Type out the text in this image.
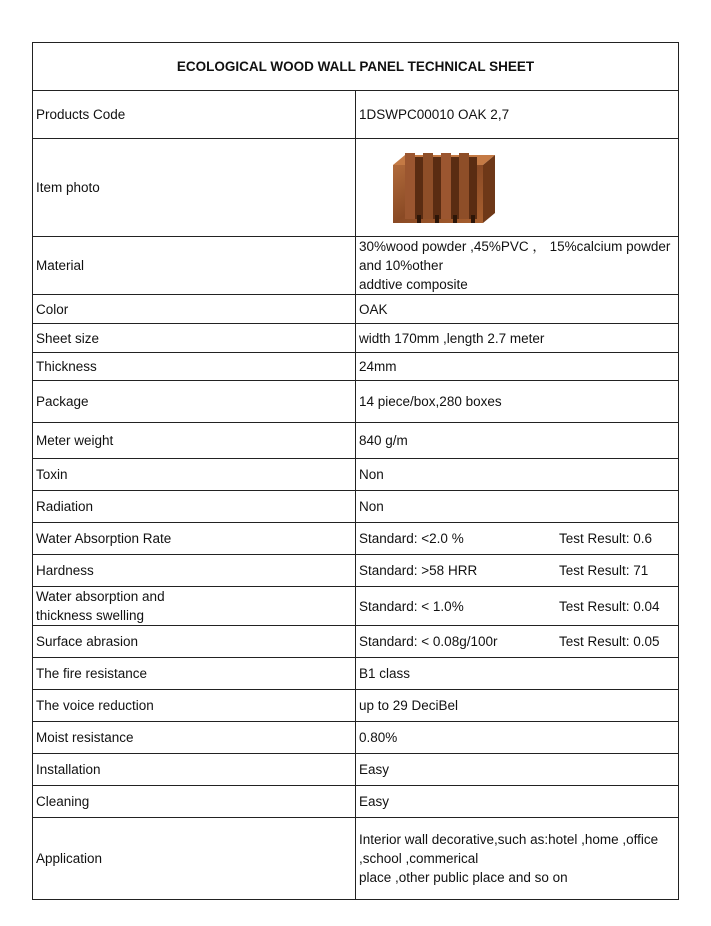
ECOLOGICAL WOOD WALL PANEL TECHNICAL SHEET	
Products Code	1DSWPC00010 OAK 2,7
Item photo	

Material	30%wood powder ,45%PVC ， 15%calcium powder and 10%other
addtive composite

Color	OAK
Sheet size	width 170mm ,length 2.7 meter
Thickness	24mm
Package	14 piece/box,280 boxes
Meter weight	840 g/m
Toxin	Non
Radiation	Non
Water Absorption Rate	Standard: <2.0 % Test Result: 0.6
Hardness	Standard: >58 HRR Test Result: 71

Water absorption and
thickness swelling	Standard: < 1.0% Test Result: 0.04
Surface abrasion	Standard: < 0.08g/100r Test Result: 0.05
The fire resistance	B1 class
The voice reduction	up to 29 DeciBel
Moist resistance	0.80%
Installation	Easy
Cleaning	Easy
Application	Interior wall decorative,such as:hotel ,home ,office ,school ,commerical
place ,other public place and so on
